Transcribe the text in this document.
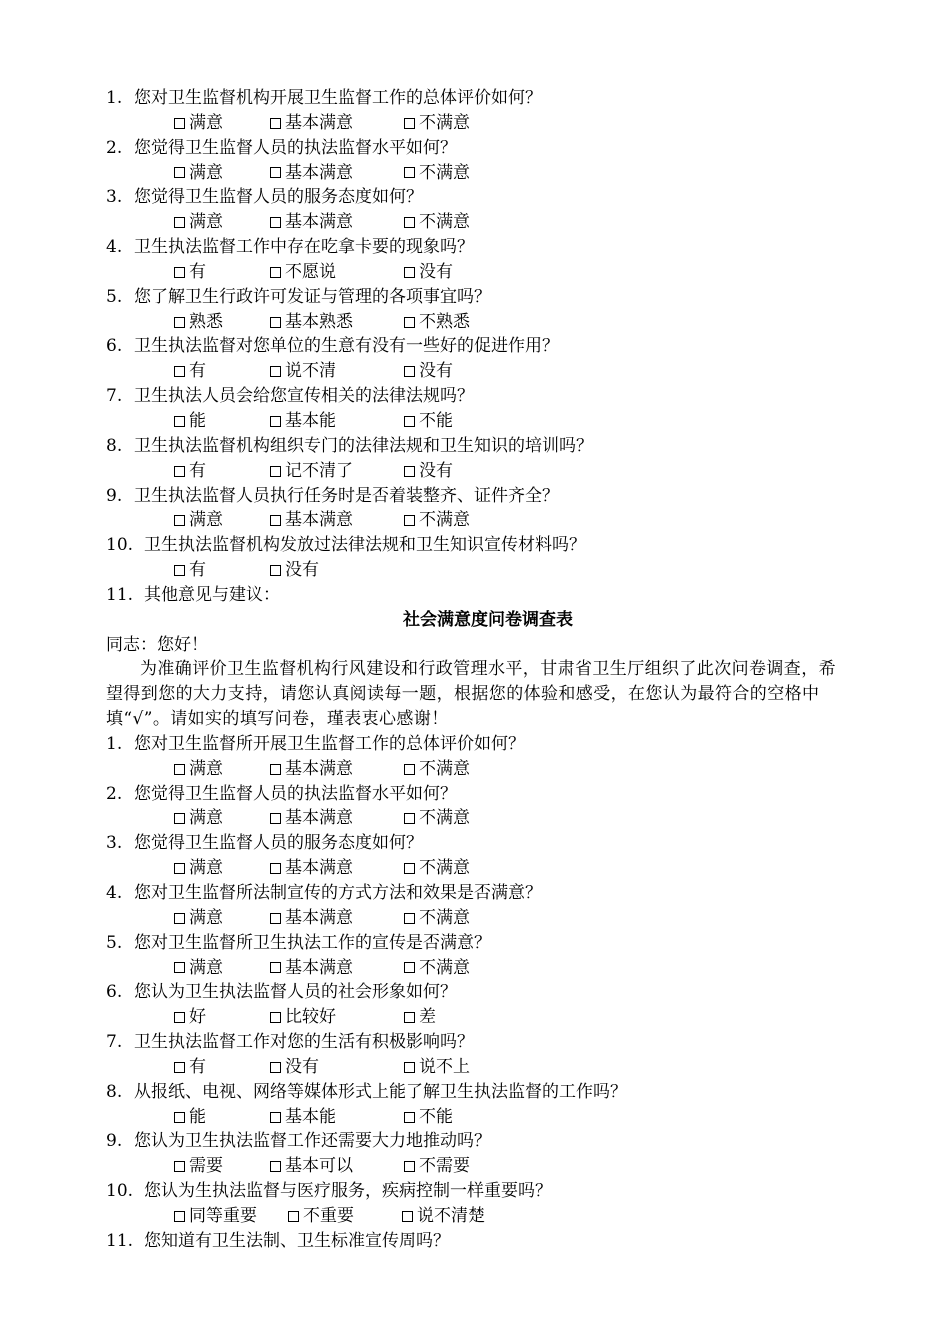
1. 您对卫生监督机构开展卫生监督工作的总体评价如何？
满意	基本满意	不满意
2. 您觉得卫生监督人员的执法监督水平如何？
满意	基本满意	不满意
3. 您觉得卫生监督人员的服务态度如何？
满意	基本满意	不满意
4. 卫生执法监督工作中存在吃拿卡要的现象吗？
有	不愿说	没有
5. 您了解卫生行政许可发证与管理的各项事宜吗？
熟悉	基本熟悉	不熟悉
6. 卫生执法监督对您单位的生意有没有一些好的促进作用？
有	说不清	没有
7. 卫生执法人员会给您宣传相关的法律法规吗？
能	基本能	不能
8. 卫生执法监督机构组织专门的法律法规和卫生知识的培训吗？
有	记不清了	没有
9. 卫生执法监督人员执行任务时是否着装整齐、证件齐全？
满意	基本满意	不满意
10. 卫生执法监督机构发放过法律法规和卫生知识宣传材料吗？
有	没有
11. 其他意见与建议：
社会满意度问卷调查表
同志：您好！
为准确评价卫生监督机构行风建设和行政管理水平，甘肃省卫生厅组织了此次问卷调查，希望得到您的大力支持，请您认真阅读每一题，根据您的体验和感受，在您认为最符合的空格中填“√”。请如实的填写问卷，瑾表衷心感谢！
1. 您对卫生监督所开展卫生监督工作的总体评价如何？
满意	基本满意	不满意
2. 您觉得卫生监督人员的执法监督水平如何？
满意	基本满意	不满意
3. 您觉得卫生监督人员的服务态度如何？
满意	基本满意	不满意
4. 您对卫生监督所法制宣传的方式方法和效果是否满意？
满意	基本满意	不满意
5. 您对卫生监督所卫生执法工作的宣传是否满意？
满意	基本满意	不满意
6. 您认为卫生执法监督人员的社会形象如何？
好	比较好	差
7. 卫生执法监督工作对您的生活有积极影响吗？
有	没有	说不上
8. 从报纸、电视、网络等媒体形式上能了解卫生执法监督的工作吗？
能	基本能	不能
9. 您认为卫生执法监督工作还需要大力地推动吗？
需要	基本可以	不需要
10. 您认为生执法监督与医疗服务，疾病控制一样重要吗？
同等重要	不重要	说不清楚
11. 您知道有卫生法制、卫生标准宣传周吗？
